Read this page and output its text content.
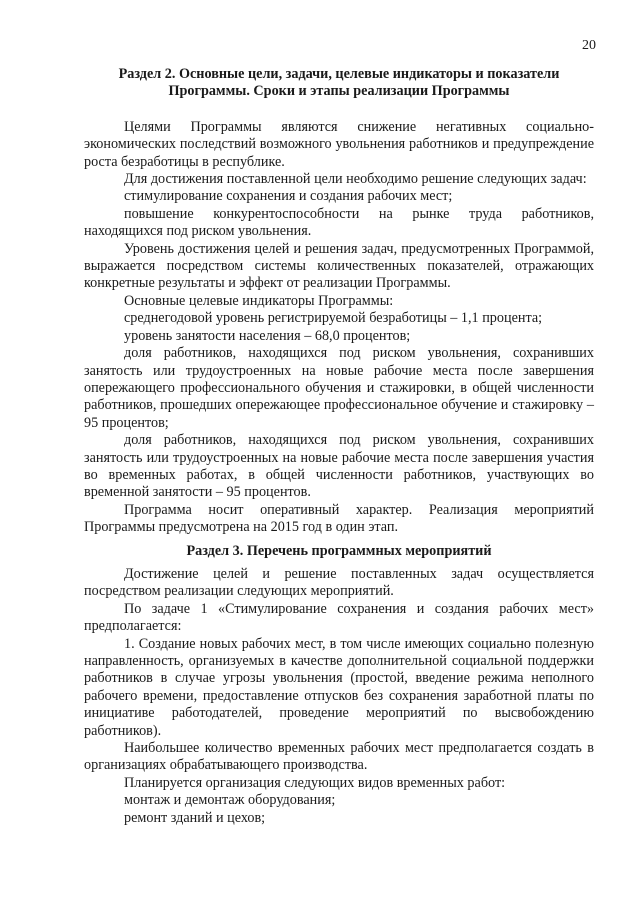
20

Раздел 2. Основные цели, задачи, целевые индикаторы и показатели

Программы. Сроки и этапы реализации Программы

Целями Программы являются снижение негативных социально-экономических последствий возможного увольнения работников и предупреждение роста безработицы в республике.

Для достижения поставленной цели необходимо решение следующих задач:

стимулирование сохранения и создания рабочих мест;

повышение конкурентоспособности на рынке труда работников, находящихся под риском увольнения.

Уровень достижения целей и решения задач, предусмотренных Программой, выражается посредством системы количественных показателей, отражающих конкретные результаты и эффект от реализации Программы.

Основные целевые индикаторы Программы:

среднегодовой уровень регистрируемой безработицы – 1,1 процента;

уровень занятости населения – 68,0 процентов;

доля работников, находящихся под риском увольнения, сохранивших занятость или трудоустроенных на новые рабочие места после завершения опережающего профессионального обучения и стажировки, в общей численности работников, прошедших опережающее профессиональное обучение и стажировку – 95 процентов;

доля работников, находящихся под риском увольнения, сохранивших занятость или трудоустроенных на новые рабочие места после завершения участия во временных работах, в общей численности работников, участвующих во временной занятости – 95 процентов.

Программа носит оперативный характер. Реализация мероприятий Программы предусмотрена на 2015 год в один этап.

Раздел 3. Перечень программных мероприятий

Достижение целей и решение поставленных задач осуществляется посредством реализации следующих мероприятий.

По задаче 1 «Стимулирование сохранения и создания рабочих мест» предполагается:

1. Создание новых рабочих мест, в том числе имеющих социально полезную направленность, организуемых в качестве дополнительной социальной поддержки работников в случае угрозы увольнения (простой, введение режима неполного рабочего времени, предоставление отпусков без сохранения заработной платы по инициативе работодателей, проведение мероприятий по высвобождению работников).

Наибольшее количество временных рабочих мест предполагается создать в организациях обрабатывающего производства.

Планируется организация следующих видов временных работ:

монтаж и демонтаж оборудования;

ремонт зданий и цехов;
